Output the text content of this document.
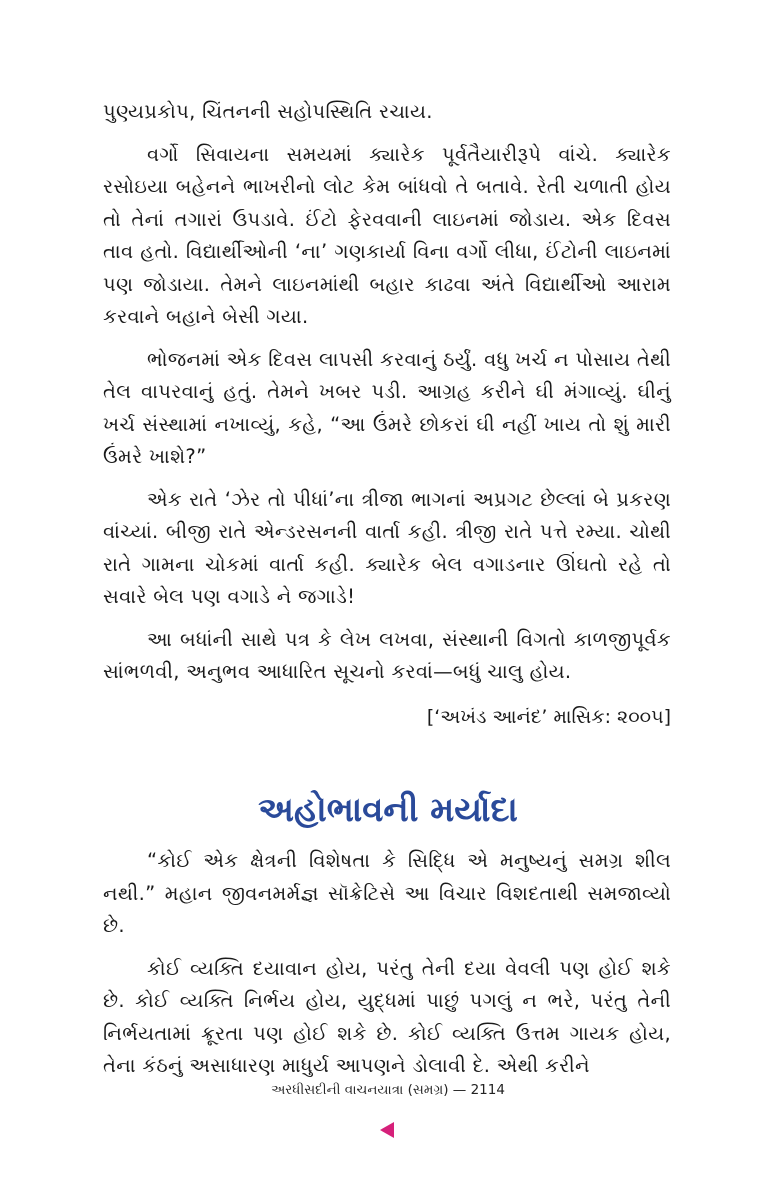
પુણ્યપ્રકોપ, ચિંતનની સહોપસ્થિતિ રચાય.

વર્ગો સિવાયના સમયમાં ક્યારેક પૂર્વતૈયારીરૂપે વાંચે. ક્યારેક રસોઇયા બહેનને ભાખરીનો લોટ કેમ બાંધવો તે બતાવે. રેતી ચળાતી હોય તો તેનાં તગારાં ઉપડાવે. ઈંટો ફેરવવાની લાઇનમાં જોડાય. એક દિવસ તાવ હતો. વિદ્યાર્થીઓની ‘ના’ ગણકાર્યા વિના વર્ગો લીધા, ઈંટોની લાઇનમાં પણ જોડાયા. તેમને લાઇનમાંથી બહાર કાઢવા અંતે વિદ્યાર્થીઓ આરામ કરવાને બહાને બેસી ગયા.

ભોજનમાં એક દિવસ લાપસી કરવાનું ઠર્યું. વધુ ખર્ચ ન પોસાય તેથી તેલ વાપરવાનું હતું. તેમને ખબર પડી. આગ્રહ કરીને ઘી મંગાવ્યું. ઘીનું ખર્ચ સંસ્થામાં નખાવ્યું, કહે, “આ ઉંમરે છોકરાં ઘી નહીં ખાય તો શું મારી ઉંમરે ખાશે?”

એક રાતે ‘ઝેર તો પીધાં’ના ત્રીજા ભાગનાં અપ્રગટ છેલ્લાં બે પ્રકરણ વાંચ્યાં. બીજી રાતે એન્ડરસનની વાર્તા કહી. ત્રીજી રાતે પત્તે રમ્યા. ચોથી રાતે ગામના ચોકમાં વાર્તા કહી. ક્યારેક બેલ વગાડનાર ઊંઘતો રહે તો સવારે બેલ પણ વગાડે ને જગાડે!

આ બધાંની સાથે પત્ર કે લેખ લખવા, સંસ્થાની વિગતો કાળજીપૂર્વક સાંભળવી, અનુભવ આધારિત સૂચનો કરવાં—બધું ચાલુ હોય.

[‘અખંડ આનંદ’ માસિક: ૨૦૦૫]
અહોભાવની મર્યાદા

“કોઈ એક ક્ષેત્રની વિશેષતા કે સિદ્ધિ એ મનુષ્યનું સમગ્ર શીલ નથી.” મહાન જીવનમર્મજ્ઞ સૉક્રેટિસે આ વિચાર વિશદતાથી સમજાવ્યો છે.

કોઈ વ્યક્તિ દયાવાન હોય, પરંતુ તેની દયા વેવલી પણ હોઈ શકે છે. કોઈ વ્યક્તિ નિર્ભય હોય, યુદ્ધમાં પાછું પગલું ન ભરે, પરંતુ તેની નિર્ભયતામાં ક્રૂરતા પણ હોઈ શકે છે. કોઈ વ્યક્તિ ઉત્તમ ગાયક હોય, તેના કંઠનું અસાધારણ માધુર્ય આપણને ડોલાવી દે. એથી કરીને

અરધીસદીની વાચનયાત્રા (સમગ્ર) — 2114
